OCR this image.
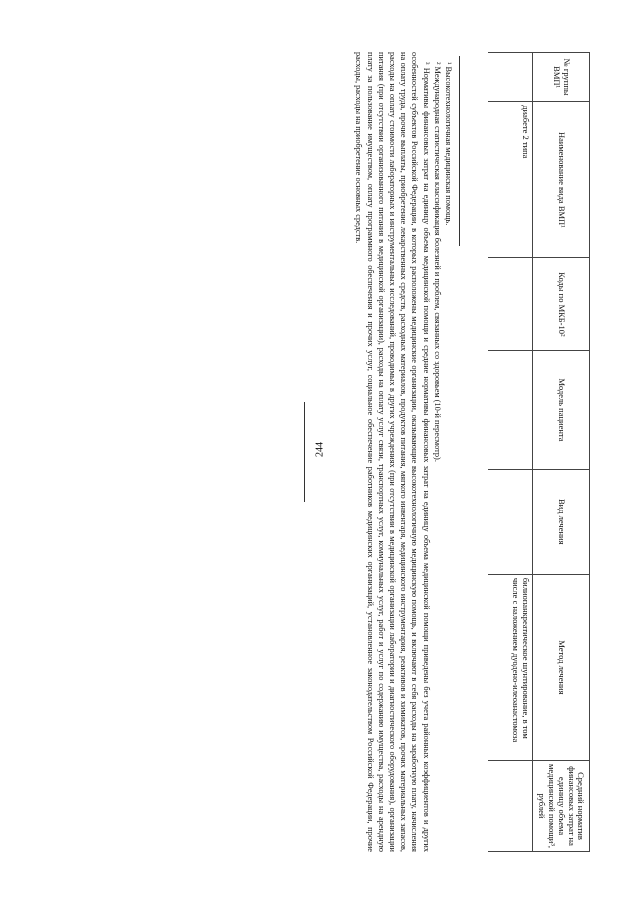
244
№ группы ВМП¹	Наименование вида ВМП¹	Коды по МКБ-10²	Модель пациента	Вид лечения	Метод лечения	Средний норматив финансовых затрат на единицу объема медицинской помощи³, рублей
	диабете 2 типа				билиопанкреатическое шунтирование, в том числе с наложением дуодено-илеоанастомоза	

¹ Высокотехнологичная медицинская помощь.

² Международная статистическая классификация болезней и проблем, связанных со здоровьем (10-й пересмотр).

³ Нормативы финансовых затрат на единицу объема медицинской помощи и средние нормативы финансовых затрат на единицу объема медицинской помощи приведены без учета районных коэффициентов и других особенностей субъектов Российской Федерации, в которых расположены медицинские организации, оказывающие высокотехнологичную медицинскую помощь, и включают в себя расходы на заработную плату, начисления на оплату труда, прочие выплаты, приобретение лекарственных средств, расходных материалов, продуктов питания, мягкого инвентаря, медицинского инструментария, реактивов и химикатов, прочих материальных запасов, расходы на оплату стоимости лабораторных и инструментальных исследований, проводимых в других учреждениях (при отсутствии в медицинской организации лаборатории и диагностического оборудования), организации питания (при отсутствии организованного питания в медицинской организации), расходы на оплату услуг связи, транспортных услуг, коммунальных услуг, работ и услуг по содержанию имущества, расходы на арендную плату за пользование имуществом, оплату программного обеспечения и прочих услуг, социальное обеспечение работников медицинских организаций, установленное законодательством Российской Федерации, прочие расходы, расходы на приобретение основных средств.
